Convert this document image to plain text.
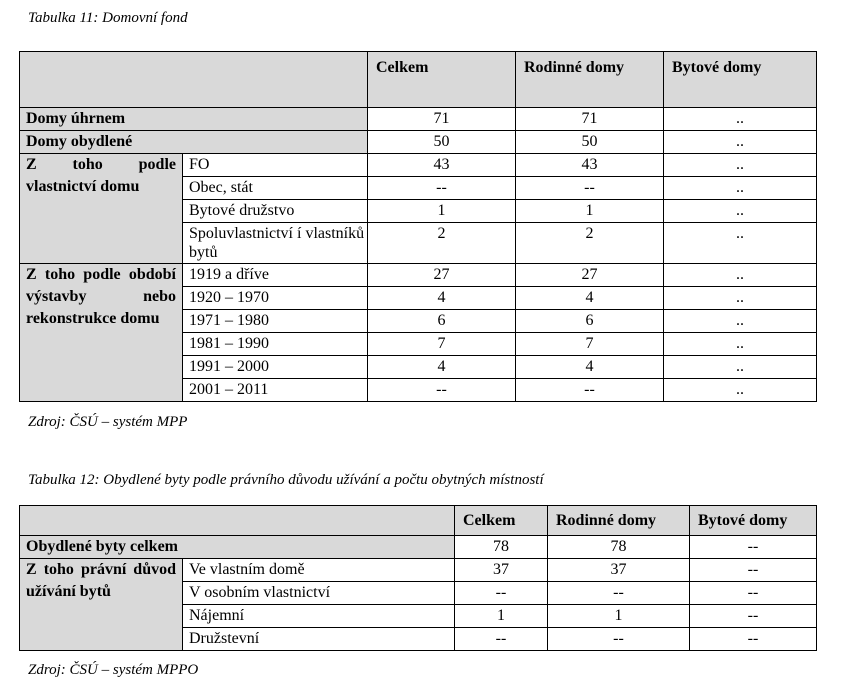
Tabulka 11: Domovní fond
		Celkem	Rodinné domy	Bytové domy
Domy úhrnem		71	71	..
Domy obydlené		50	50	..
Z toho podle vlastnictví domu	FO	43	43	..
	Obec, stát	--	--	..
	Bytové družstvo	1	1	..
	Spoluvlastnictví í vlastníků bytů	2	2	..
Z toho podle období výstavby nebo rekonstrukce domu	1919 a dříve	27	27	..
	1920 – 1970	4	4	..
	1971 – 1980	6	6	..
	1981 – 1990	7	7	..
	1991 – 2000	4	4	..
	2001 – 2011	--	--	..
Zdroj: ČSÚ – systém MPP
Tabulka 12: Obydlené byty podle právního důvodu užívání a počtu obytných místností
		Celkem	Rodinné domy	Bytové domy
Obydlené byty celkem		78	78	--
Z toho právní důvod užívání bytů	Ve vlastním domě	37	37	--
	V osobním vlastnictví	--	--	--
	Nájemní	1	1	--
	Družstevní	--	--	--
Zdroj: ČSÚ – systém MPPO
